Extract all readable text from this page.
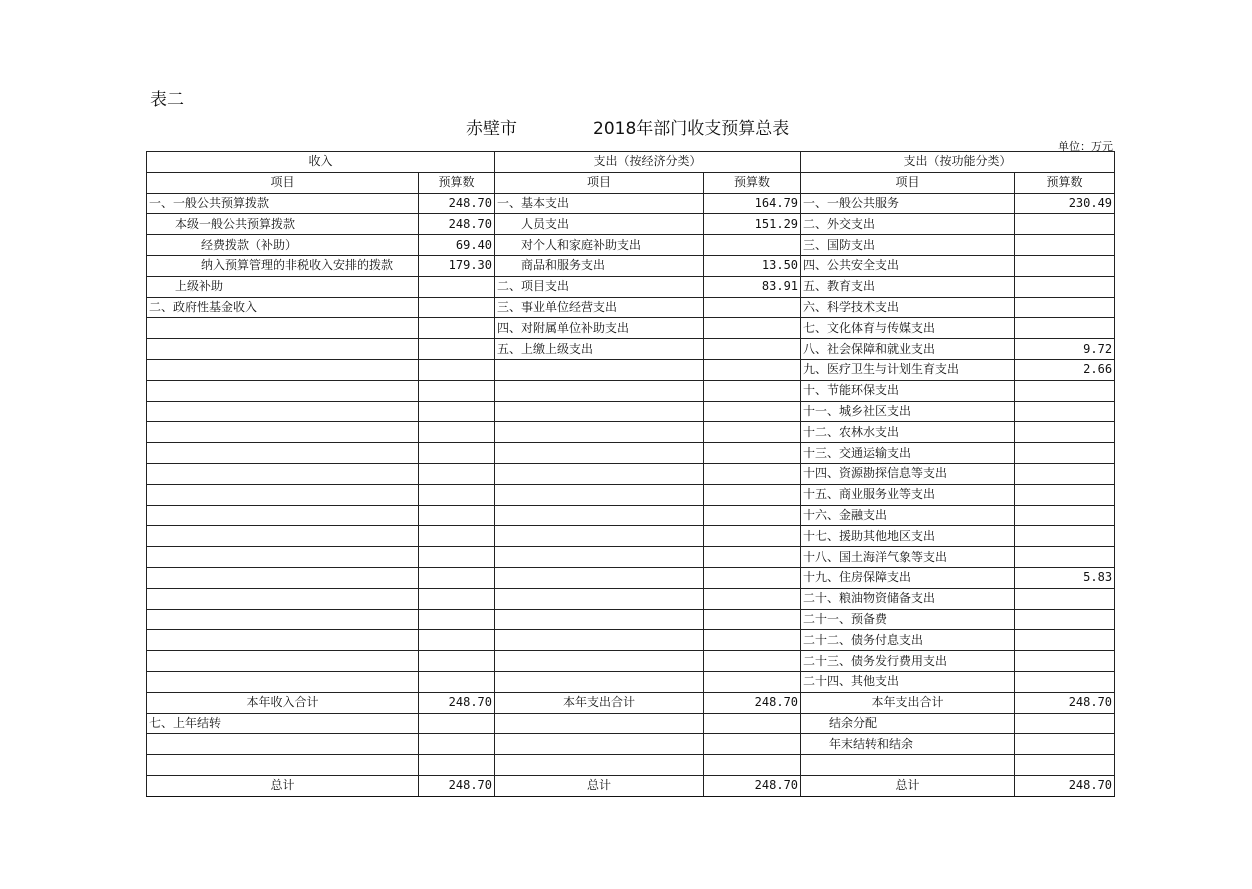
表二
赤壁市	2018年部门收支预算总表
单位：万元
收入		支出（按经济分类）		支出（按功能分类）	
项目	预算数	项目	预算数	项目	预算数
一、一般公共预算拨款	248.70	一、基本支出	164.79	一、一般公共服务	230.49
本级一般公共预算拨款	248.70	人员支出	151.29	二、外交支出	
经费拨款（补助）	69.40	对个人和家庭补助支出		三、国防支出	
纳入预算管理的非税收入安排的拨款	179.30	商品和服务支出	13.50	四、公共安全支出	
上级补助		二、项目支出	83.91	五、教育支出	
二、政府性基金收入		三、事业单位经营支出		六、科学技术支出	
		四、对附属单位补助支出		七、文化体育与传媒支出	
		五、上缴上级支出		八、社会保障和就业支出	9.72
				九、医疗卫生与计划生育支出	2.66
				十、节能环保支出	
				十一、城乡社区支出	
				十二、农林水支出	
				十三、交通运输支出	
				十四、资源勘探信息等支出	
				十五、商业服务业等支出	
				十六、金融支出	
				十七、援助其他地区支出	
				十八、国土海洋气象等支出	
				十九、住房保障支出	5.83
				二十、粮油物资储备支出	
				二十一、预备费	
				二十二、债务付息支出	
				二十三、债务发行费用支出	
				二十四、其他支出	
本年收入合计	248.70	本年支出合计	248.70	本年支出合计	248.70
七、上年结转				结余分配	
				年末结转和结余	

总计	248.70	总计	248.70	总计	248.70
